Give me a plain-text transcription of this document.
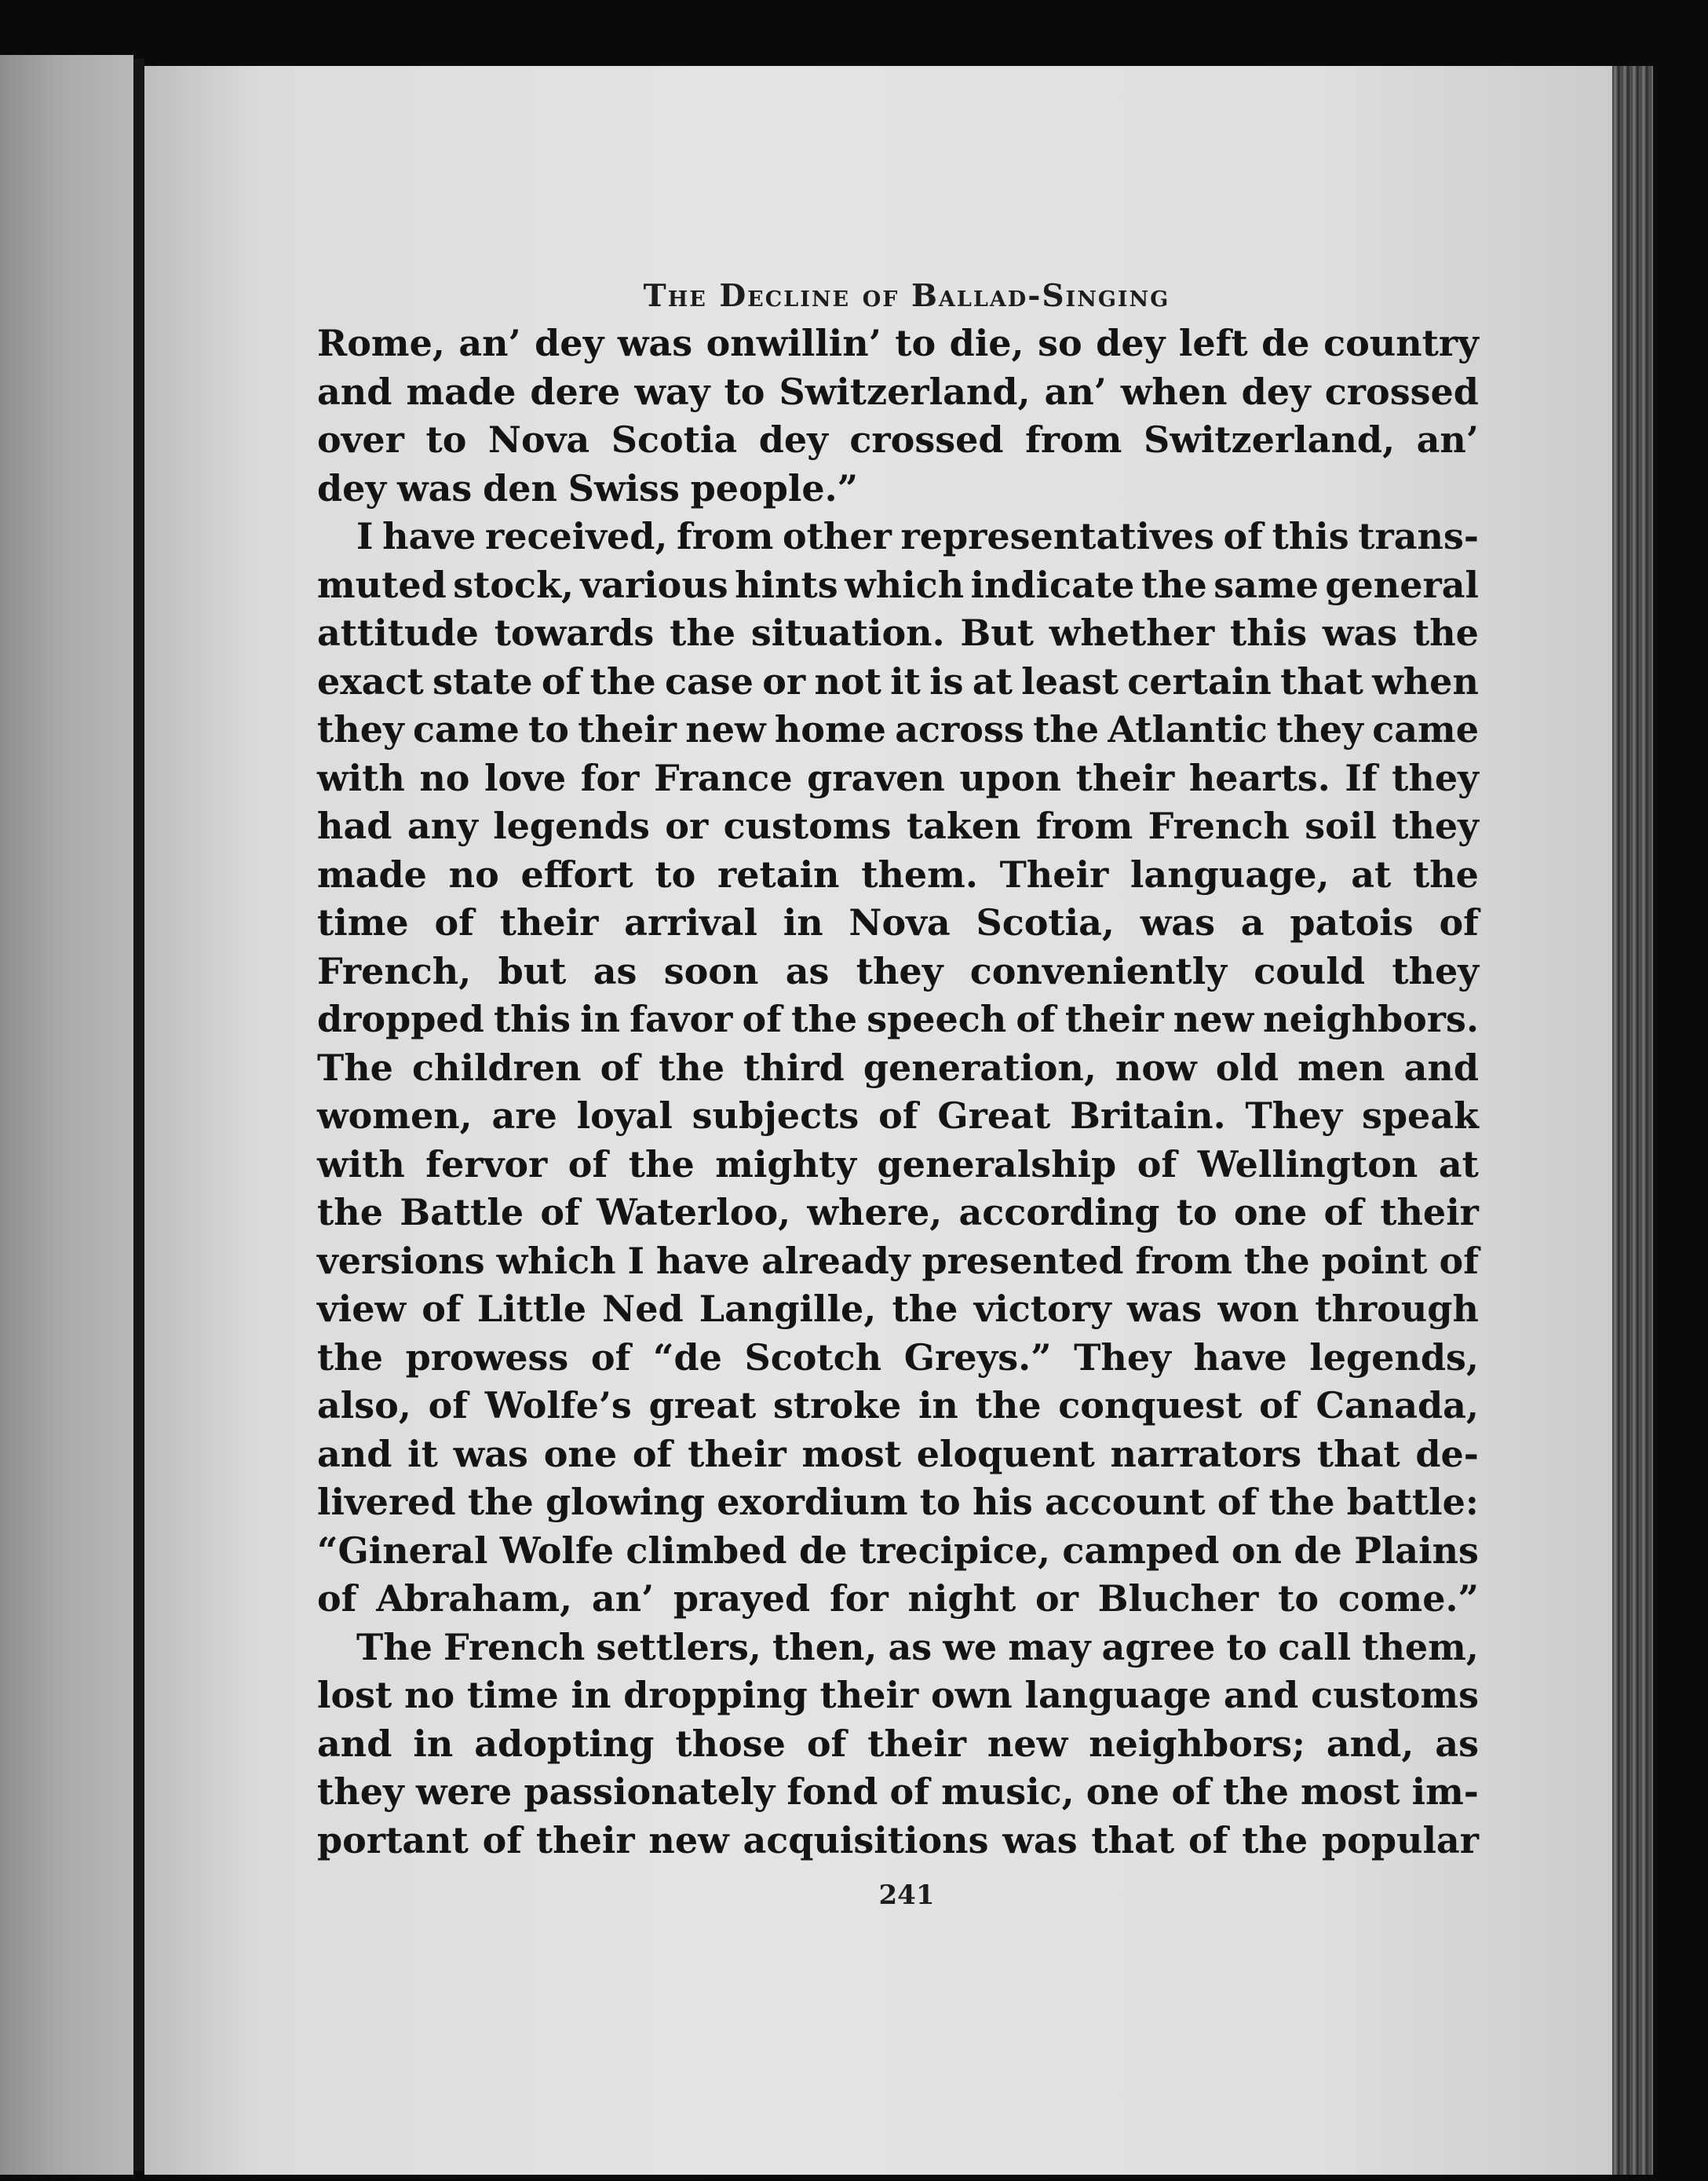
The Decline of Ballad-Singing
Rome, an’ dey was onwillin’ to die, so dey left de country
and made dere way to Switzerland, an’ when dey crossed
over to Nova Scotia dey crossed from Switzerland, an’
dey was den Swiss people.”
I have received, from other representatives of this trans-
muted stock, various hints which indicate the same general
attitude towards the situation. But whether this was the
exact state of the case or not it is at least certain that when
they came to their new home across the Atlantic they came
with no love for France graven upon their hearts. If they
had any legends or customs taken from French soil they
made no effort to retain them. Their language, at the
time of their arrival in Nova Scotia, was a patois of
French, but as soon as they conveniently could they
dropped this in favor of the speech of their new neighbors.
The children of the third generation, now old men and
women, are loyal subjects of Great Britain. They speak
with fervor of the mighty generalship of Wellington at
the Battle of Waterloo, where, according to one of their
versions which I have already presented from the point of
view of Little Ned Langille, the victory was won through
the prowess of “de Scotch Greys.” They have legends,
also, of Wolfe’s great stroke in the conquest of Canada,
and it was one of their most eloquent narrators that de-
livered the glowing exordium to his account of the battle:
“Gineral Wolfe climbed de trecipice, camped on de Plains
of Abraham, an’ prayed for night or Blucher to come.”
The French settlers, then, as we may agree to call them,
lost no time in dropping their own language and customs
and in adopting those of their new neighbors; and, as
they were passionately fond of music, one of the most im-
portant of their new acquisitions was that of the popular
241
